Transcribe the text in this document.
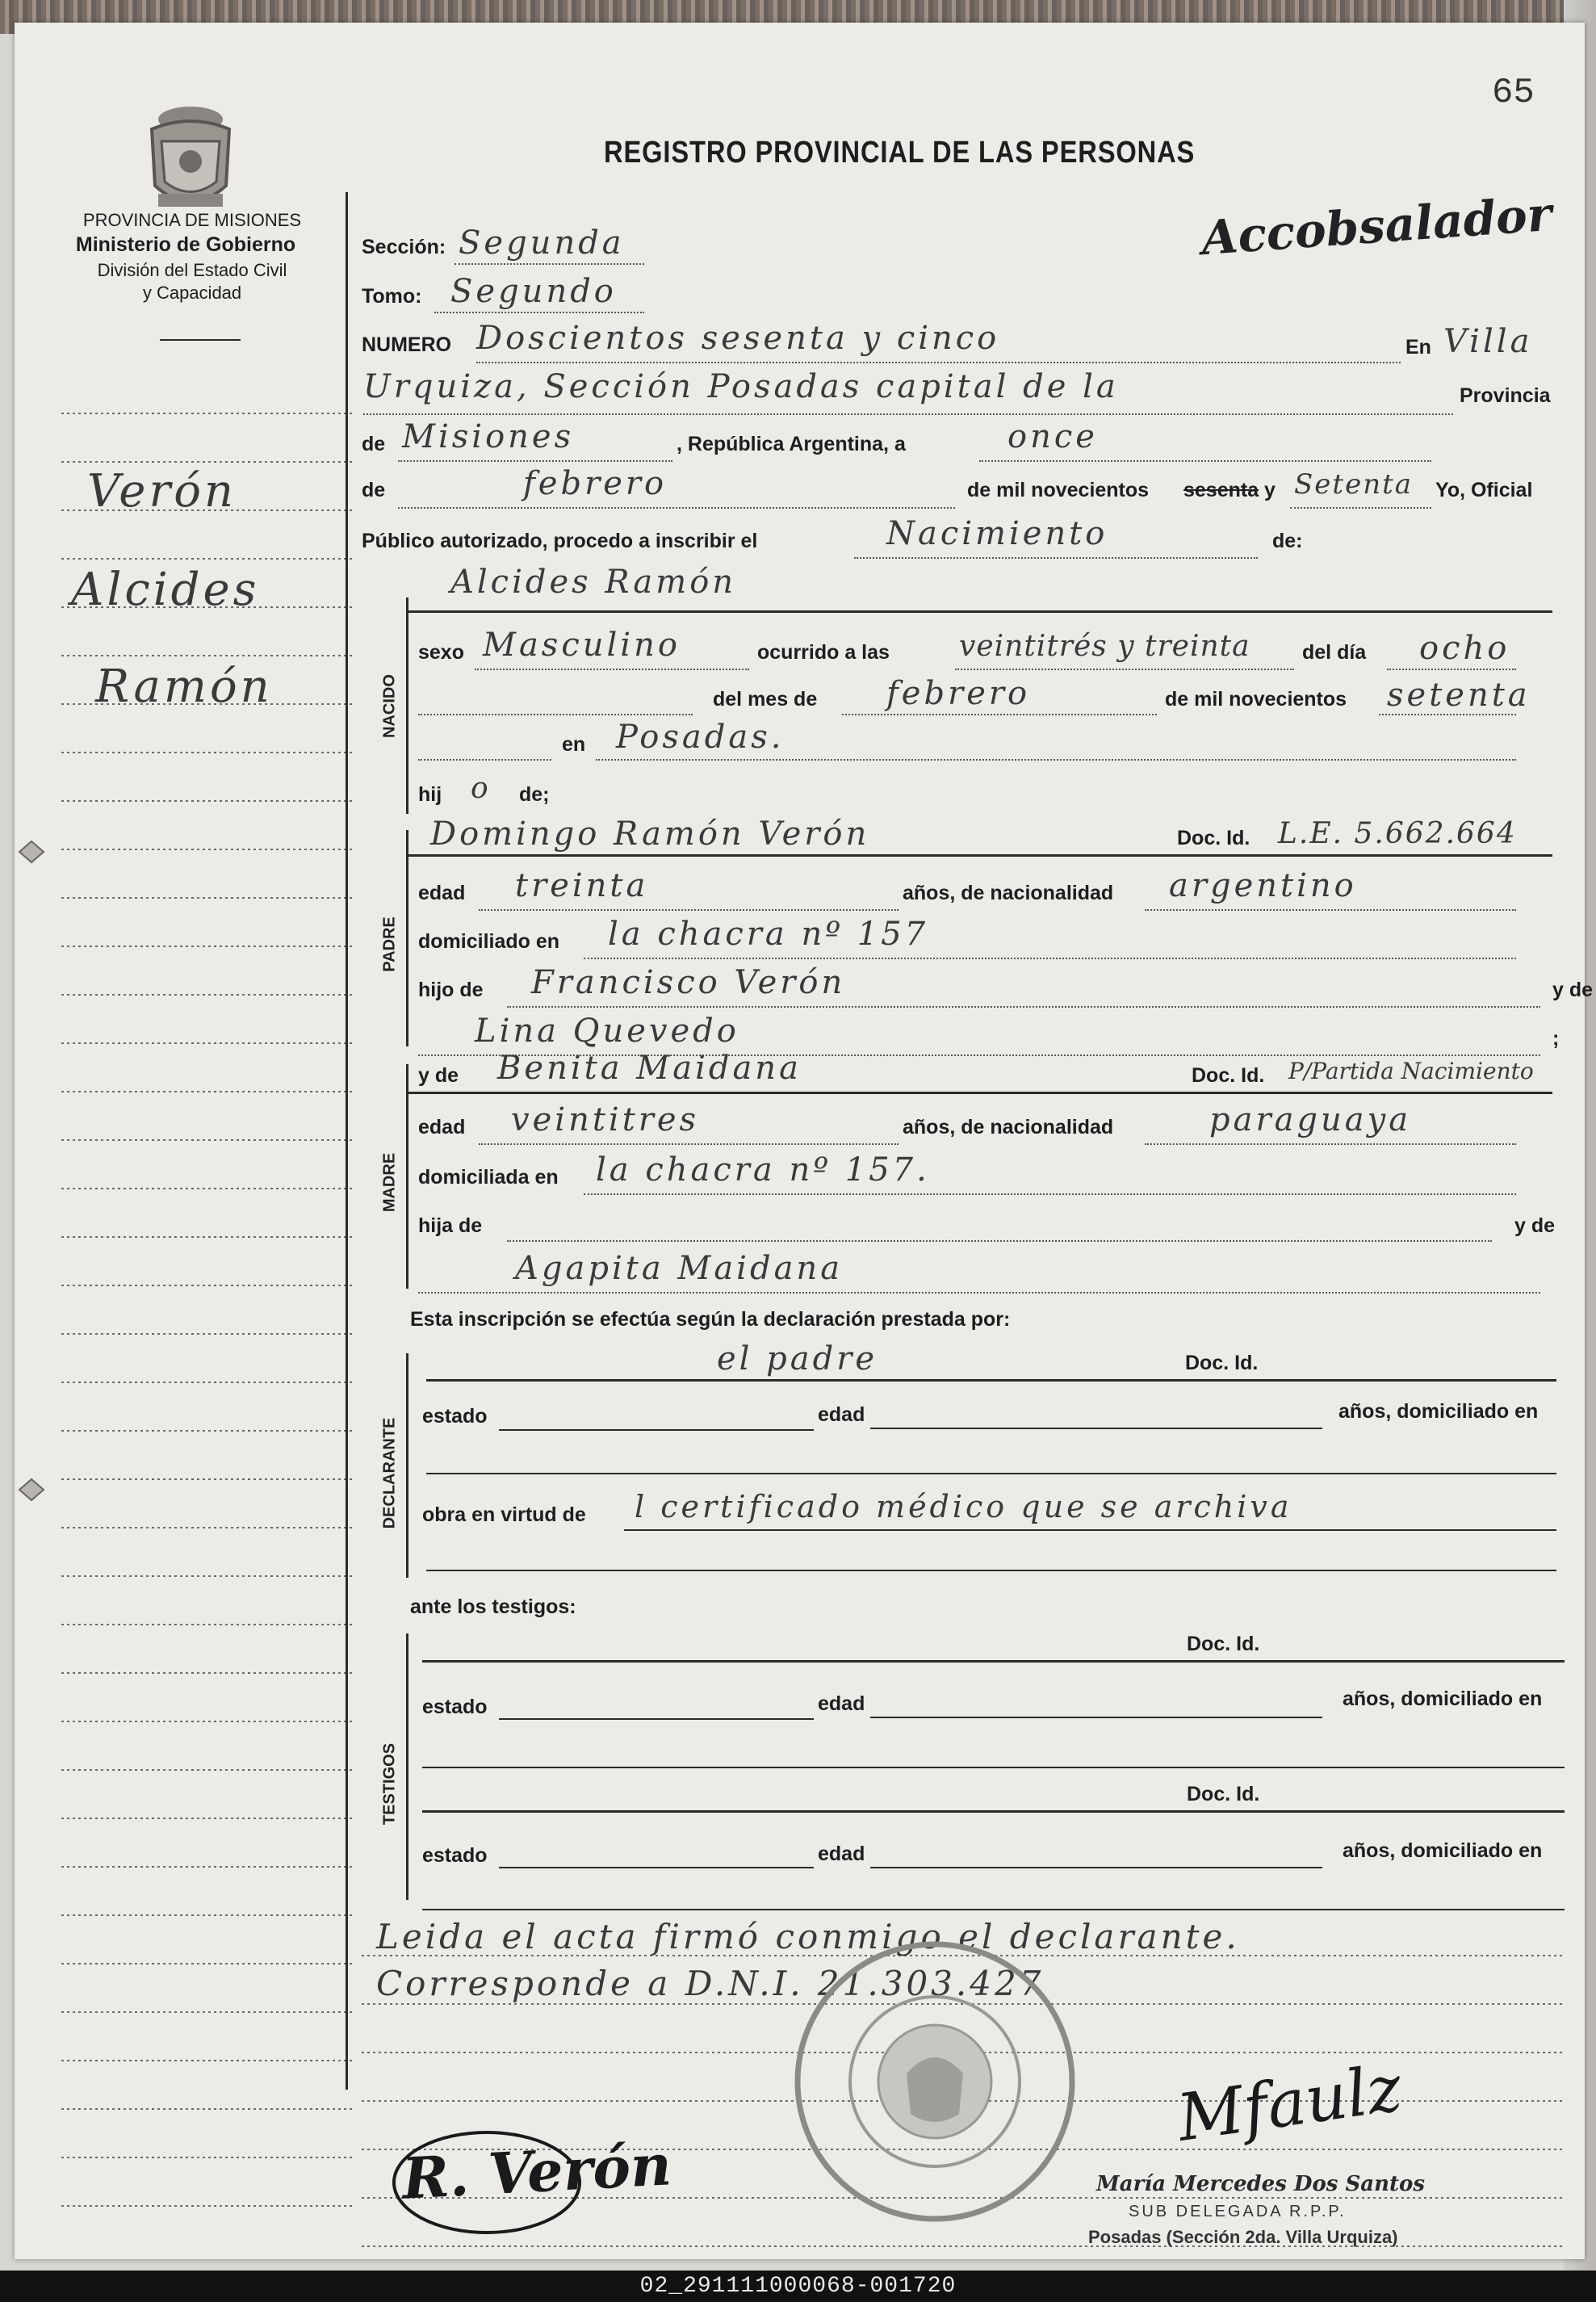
PROVINCIA DE MISIONES
Ministerio de Gobierno
División del Estado Civil
y Capacidad
REGISTRO PROVINCIAL DE LAS PERSONAS
65
Accobsalador
Verón
Alcides
Ramón
Sección: Segunda
Tomo: Segundo
NUMERO Doscientos sesenta y cinco	En Villa
Urquiza, Sección Posadas capital de la	Provincia
de Misiones	, República Argentina, a	once
de	febrero	de mil novecientos sesenta y Setenta Yo, Oficial
Público autorizado, procedo a inscribir el	Nacimiento	de:
NACIDO
Alcides Ramón
sexo Masculino	ocurrido a las veintitrés y treinta	del día ocho
del mes de febrero	de mil novecientos setenta
en Posadas.
hij o de;
PADRE
Domingo Ramón Verón	Doc. Id. L.E. 5.662.664
edad treinta	años, de nacionalidad argentino
domiciliado en la chacra nº 157
hijo de Francisco Verón	y de
Lina Quevedo	;
MADRE
y de Benita Maidana	Doc. Id. P/Partida Nacimiento
edad veintitres	años, de nacionalidad	paraguaya
domiciliada en la chacra nº 157.
hija de	y de
Agapita Maidana
Esta inscripción se efectúa según la declaración prestada por:
DECLARANTE
el padre	Doc. Id.
estado	edad	años, domiciliado en
obra en virtud de l certificado médico que se archiva
ante los testigos:
TESTIGOS
Doc. Id.
estado	edad	años, domiciliado en
Doc. Id.
estado	edad	años, domiciliado en
Leida el acta firmó conmigo el declarante.
Corresponde a D.N.I. 21.303.427
R. Verón
Mfaulz
María Mercedes Dos Santos
SUB DELEGADA R.P.P.
Posadas (Sección 2da. Villa Urquiza)
02_291111000068-001720
